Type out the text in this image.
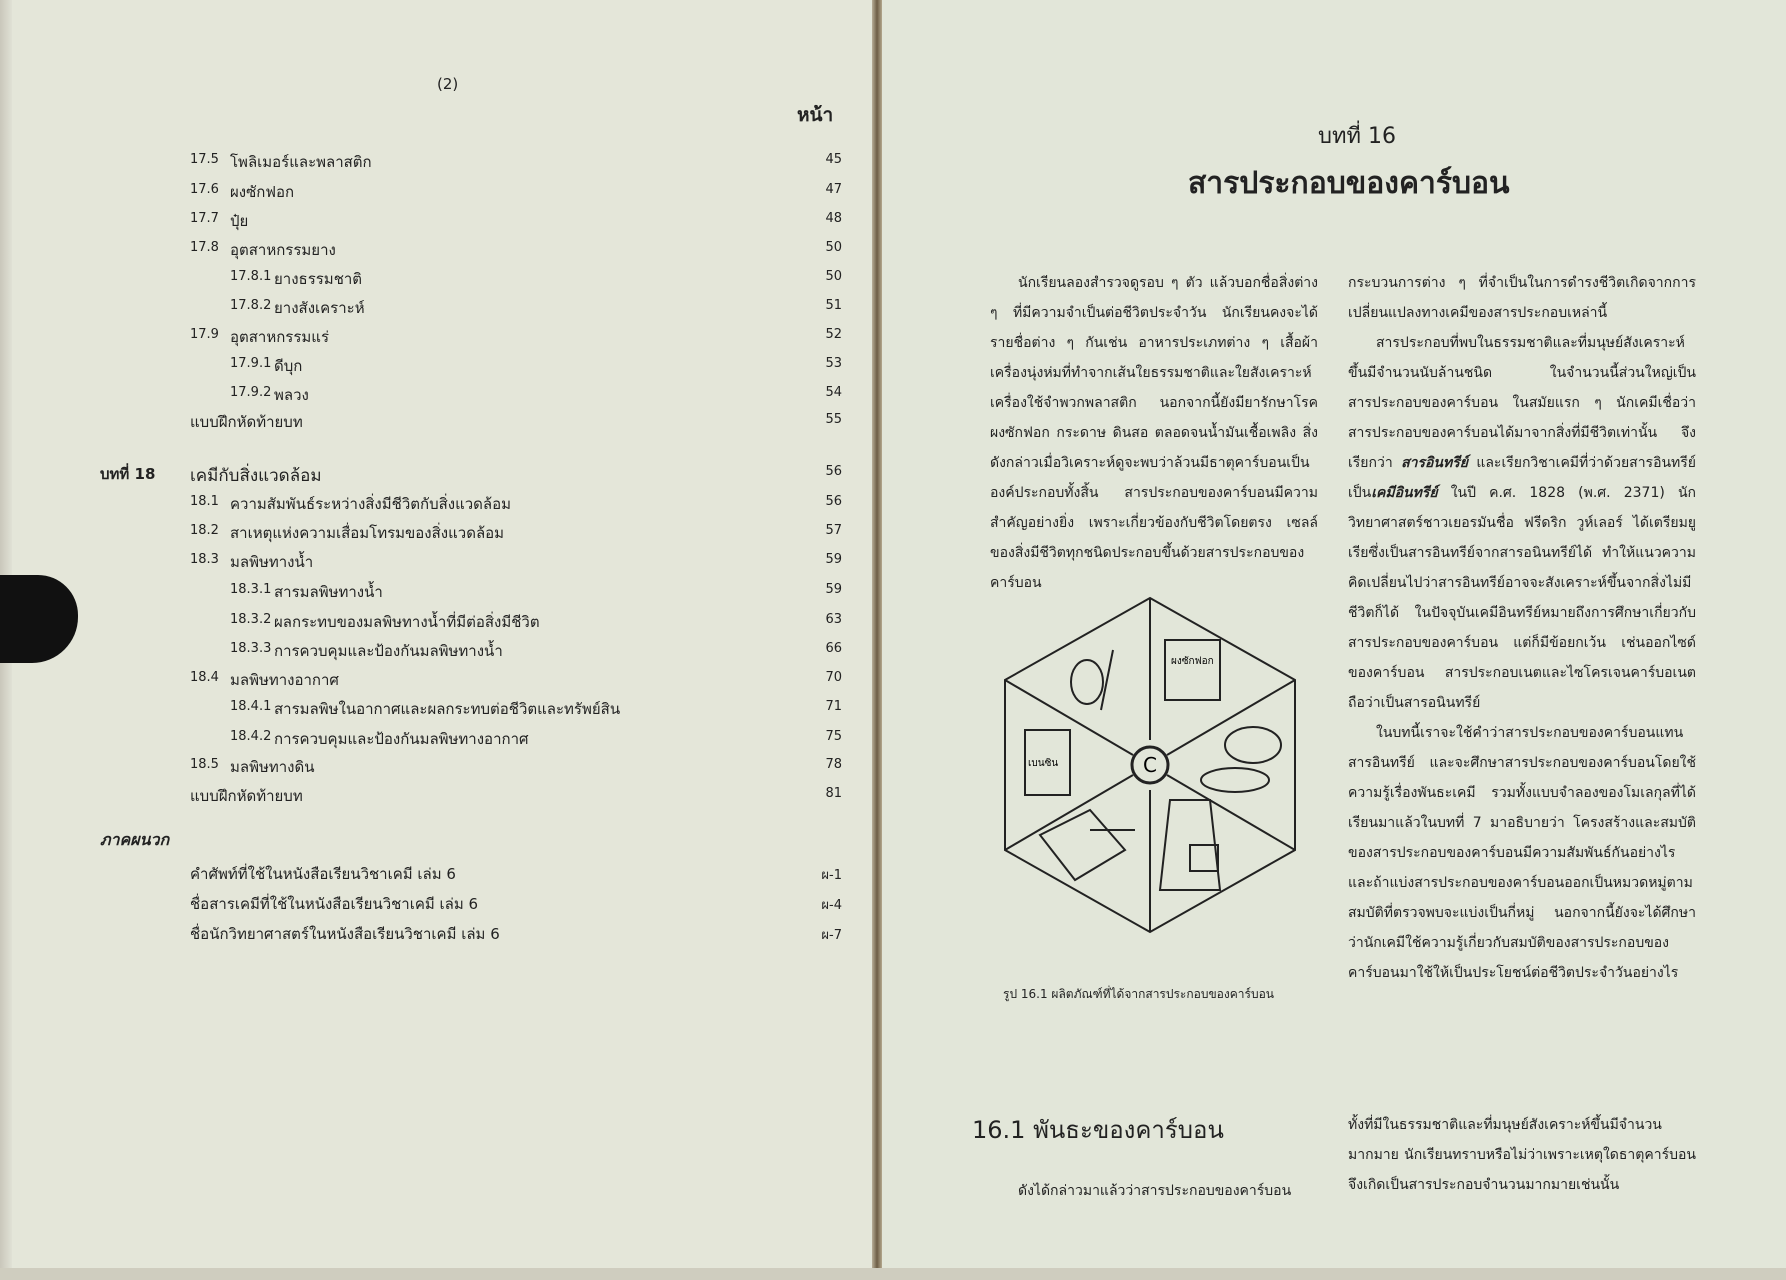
(2)
หน้า
17.5 โพลิเมอร์และพลาสติก	45
17.6 ผงซักฟอก	47
17.7 ปุ๋ย	48
17.8 อุตสาหกรรมยาง	50
17.8.1 ยางธรรมชาติ	50
17.8.2 ยางสังเคราะห์	51
17.9 อุตสาหกรรมแร่	52
17.9.1 ดีบุก	53
17.9.2 พลวง	54
แบบฝึกหัดท้ายบท	55
บทที่ 18 เคมีกับสิ่งแวดล้อม	56
18.1 ความสัมพันธ์ระหว่างสิ่งมีชีวิตกับสิ่งแวดล้อม	56
18.2 สาเหตุแห่งความเสื่อมโทรมของสิ่งแวดล้อม	57
18.3 มลพิษทางน้ำ	59
18.3.1 สารมลพิษทางน้ำ	59
18.3.2 ผลกระทบของมลพิษทางน้ำที่มีต่อสิ่งมีชีวิต	63
18.3.3 การควบคุมและป้องกันมลพิษทางน้ำ	66
18.4 มลพิษทางอากาศ	70
18.4.1 สารมลพิษในอากาศและผลกระทบต่อชีวิตและทรัพย์สิน	71
18.4.2 การควบคุมและป้องกันมลพิษทางอากาศ	75
18.5 มลพิษทางดิน	78
แบบฝึกหัดท้ายบท	81
ภาคผนวก
คำศัพท์ที่ใช้ในหนังสือเรียนวิชาเคมี เล่ม 6	ผ-1
ชื่อสารเคมีที่ใช้ในหนังสือเรียนวิชาเคมี เล่ม 6	ผ-4
ชื่อนักวิทยาศาสตร์ในหนังสือเรียนวิชาเคมี เล่ม 6	ผ-7
บทที่ 16
สารประกอบของคาร์บอน

นักเรียนลองสำรวจดูรอบ ๆ ตัว แล้วบอกชื่อสิ่งต่าง ๆ ที่มีความจำเป็นต่อชีวิตประจำวัน นักเรียนคงจะได้รายชื่อต่าง ๆ กันเช่น อาหารประเภทต่าง ๆ เสื้อผ้าเครื่องนุ่งห่มที่ทำจากเส้นใยธรรมชาติและใยสังเคราะห์ เครื่องใช้จำพวกพลาสติก นอกจากนี้ยังมียารักษาโรค ผงซักฟอก กระดาษ ดินสอ ตลอดจนน้ำมันเชื้อเพลิง สิ่งดังกล่าวเมื่อวิเคราะห์ดูจะพบว่าล้วนมีธาตุคาร์บอนเป็นองค์ประกอบทั้งสิ้น สารประกอบของคาร์บอนมีความสำคัญอย่างยิ่ง เพราะเกี่ยวข้องกับชีวิตโดยตรง เซลล์ของสิ่งมีชีวิตทุกชนิดประกอบขึ้นด้วยสารประกอบของคาร์บอน

กระบวนการต่าง ๆ ที่จำเป็นในการดำรงชีวิตเกิดจากการเปลี่ยนแปลงทางเคมีของสารประกอบเหล่านี้

สารประกอบที่พบในธรรมชาติและที่มนุษย์สังเคราะห์ขึ้นมีจำนวนนับล้านชนิด ในจำนวนนี้ส่วนใหญ่เป็นสารประกอบของคาร์บอน ในสมัยแรก ๆ นักเคมีเชื่อว่าสารประกอบของคาร์บอนได้มาจากสิ่งที่มีชีวิตเท่านั้น จึงเรียกว่า สารอินทรีย์ และเรียกวิชาเคมีที่ว่าด้วยสารอินทรีย์เป็นเคมีอินทรีย์ ในปี ค.ศ. 1828 (พ.ศ. 2371) นักวิทยาศาสตร์ชาวเยอรมันชื่อ ฟรีดริก วูห์เลอร์ ได้เตรียมยูเรียซึ่งเป็นสารอินทรีย์จากสารอนินทรีย์ได้ ทำให้แนวความคิดเปลี่ยนไปว่าสารอินทรีย์อาจจะสังเคราะห์ขึ้นจากสิ่งไม่มีชีวิตก็ได้ ในปัจจุบันเคมีอินทรีย์หมายถึงการศึกษาเกี่ยวกับสารประกอบของคาร์บอน แต่ก็มีข้อยกเว้น เช่นออกไซด์ของคาร์บอน สารประกอบเนตและไซโครเจนคาร์บอเนตถือว่าเป็นสารอนินทรีย์

ในบทนี้เราจะใช้คำว่าสารประกอบของคาร์บอนแทนสารอินทรีย์ และจะศึกษาสารประกอบของคาร์บอนโดยใช้ความรู้เรื่องพันธะเคมี รวมทั้งแบบจำลองของโมเลกุลที่ได้เรียนมาแล้วในบทที่ 7 มาอธิบายว่า โครงสร้างและสมบัติของสารประกอบของคาร์บอนมีความสัมพันธ์กันอย่างไร และถ้าแบ่งสารประกอบของคาร์บอนออกเป็นหมวดหมู่ตามสมบัติที่ตรวจพบจะแบ่งเป็นกี่หมู่ นอกจากนี้ยังจะได้ศึกษาว่านักเคมีใช้ความรู้เกี่ยวกับสมบัติของสารประกอบของคาร์บอนมาใช้ให้เป็นประโยชน์ต่อชีวิตประจำวันอย่างไร

C
ผงซักฟอก
เบนซิน
รูป 16.1 ผลิตภัณฑ์ที่ได้จากสารประกอบของคาร์บอน
16.1 พันธะของคาร์บอน

ดังได้กล่าวมาแล้วว่าสารประกอบของคาร์บอน

ทั้งที่มีในธรรมชาติและที่มนุษย์สังเคราะห์ขึ้นมีจำนวนมากมาย นักเรียนทราบหรือไม่ว่าเพราะเหตุใดธาตุคาร์บอนจึงเกิดเป็นสารประกอบจำนวนมากมายเช่นนั้น
